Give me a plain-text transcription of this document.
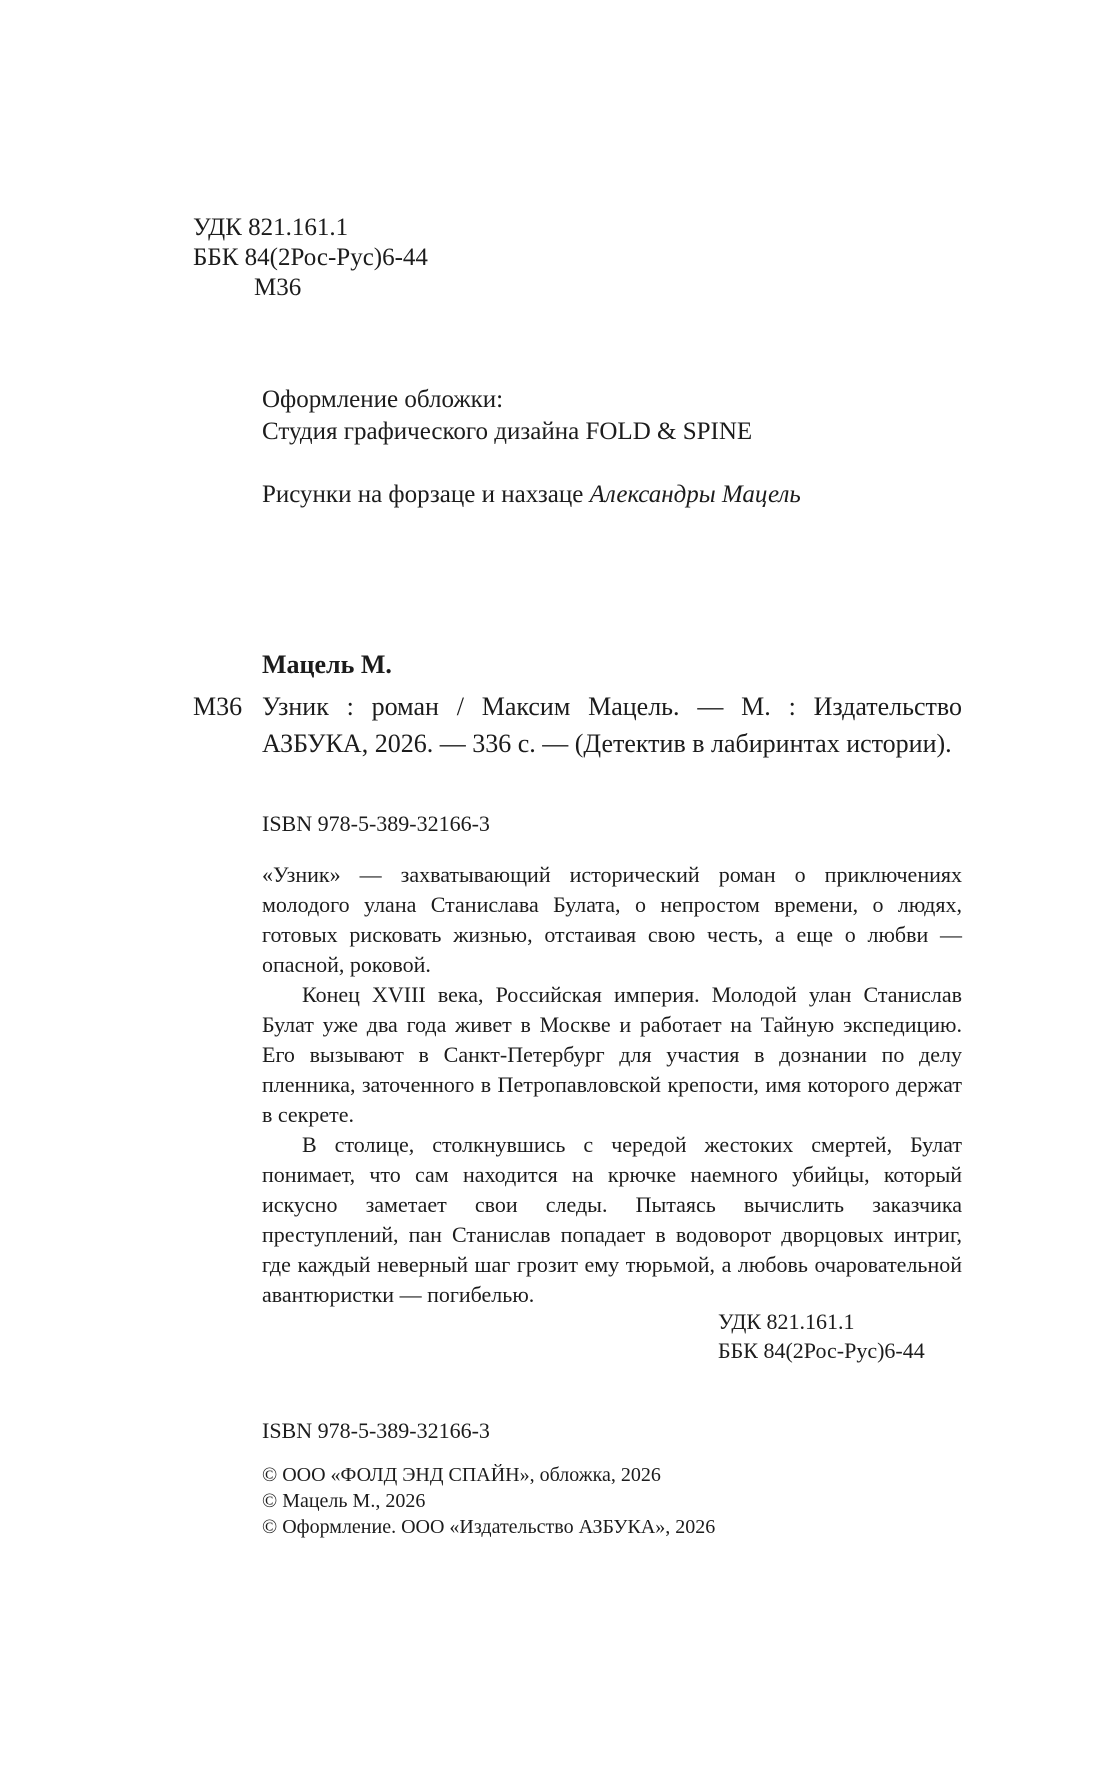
УДК 821.161.1
ББК 84(2Рос-Рус)6-44
М36
Оформление обложки:
Студия графического дизайна FOLD & SPINE
Рисунки на форзаце и нахзаце Александры Мацель
Мацель М.
М36 Узник : роман / Максим Мацель. — М. : Издательство АЗБУКА, 2026. — 336 с. — (Детектив в лабиринтах истории).
ISBN 978-5-389-32166-3

«Узник» — захватывающий исторический роман о приключениях молодого улана Станислава Булата, о непростом времени, о людях, готовых рисковать жизнью, отстаивая свою честь, а еще о любви — опасной, роковой.

Конец XVIII века, Российская империя. Молодой улан Станислав Булат уже два года живет в Москве и работает на Тайную экспедицию. Его вызывают в Санкт-Петербург для участия в дознании по делу пленника, заточенного в Петропавловской крепости, имя которого держат в секрете.

В столице, столкнувшись с чередой жестоких смертей, Булат понимает, что сам находится на крючке наемного убийцы, который искусно заметает свои следы. Пытаясь вычислить заказчика преступлений, пан Станислав попадает в водоворот дворцовых интриг, где каждый неверный шаг грозит ему тюрьмой, а любовь очаровательной авантюристки — погибелью.

УДК 821.161.1
ББК 84(2Рос-Рус)6-44
ISBN 978-5-389-32166-3
© ООО «ФОЛД ЭНД СПАЙН», обложка, 2026
© Мацель М., 2026
© Оформление. ООО «Издательство АЗБУКА», 2026
